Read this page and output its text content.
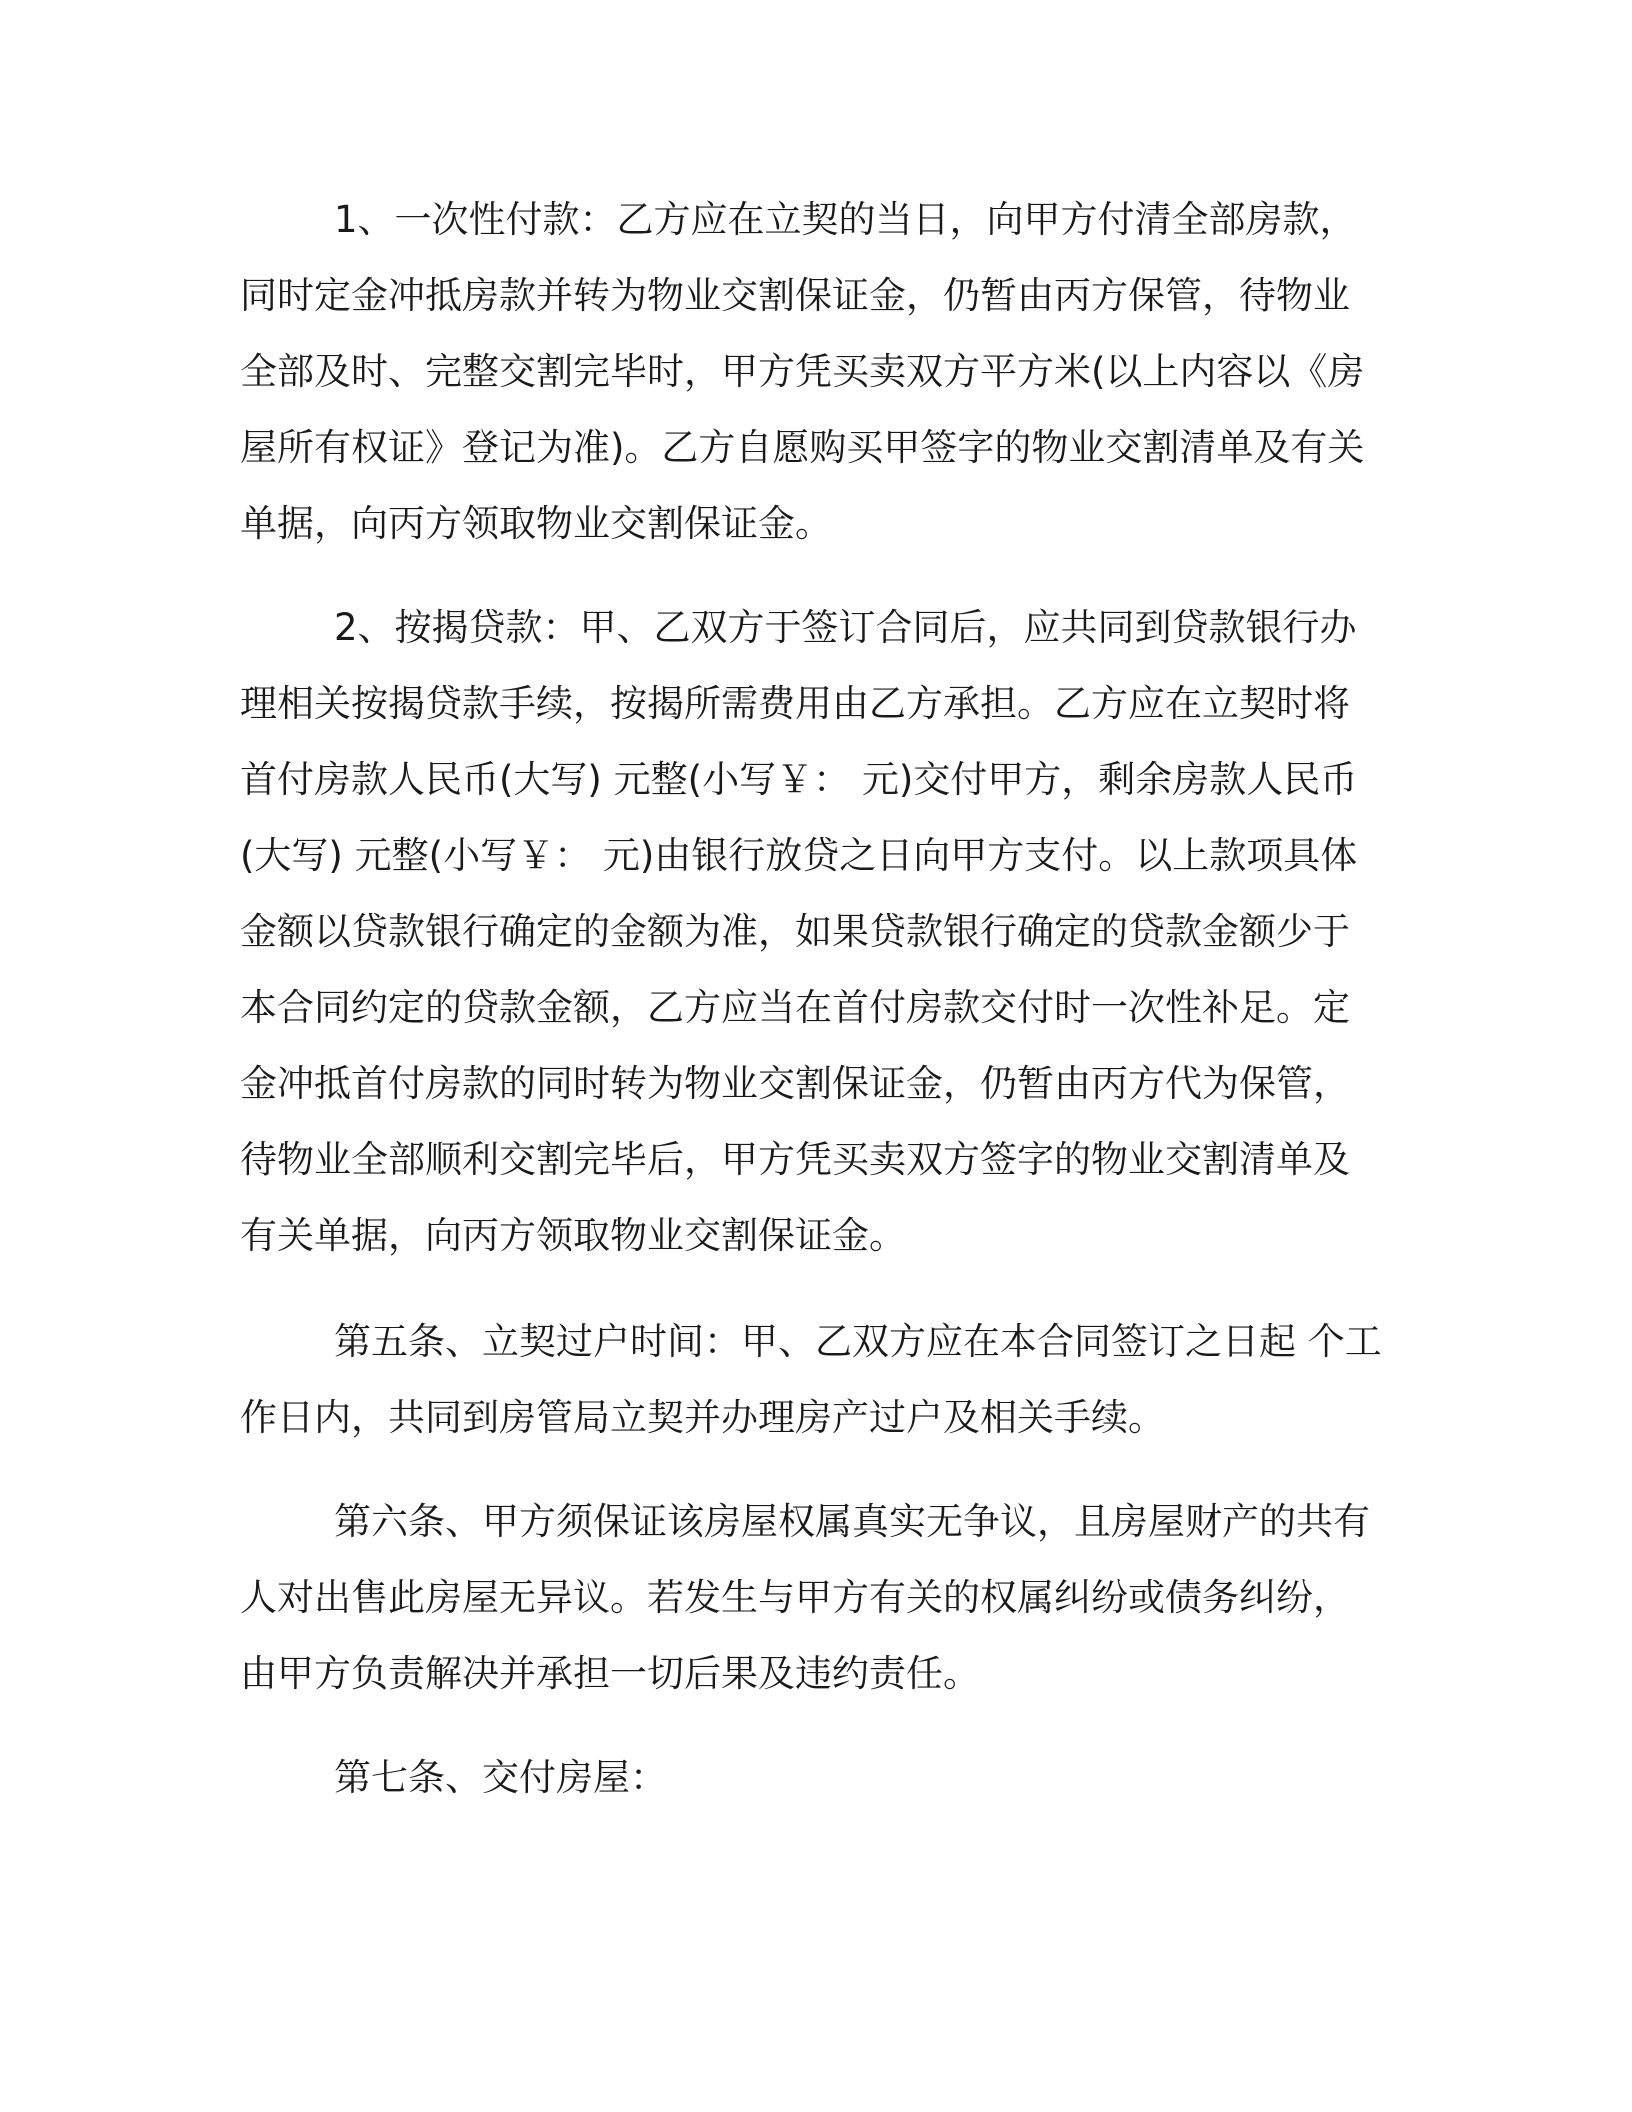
1、一次性付款：乙方应在立契的当日，向甲方付清全部房款，

同时定金冲抵房款并转为物业交割保证金，仍暂由丙方保管，待物业

全部及时、完整交割完毕时，甲方凭买卖双方平方米(以上内容以《房

屋所有权证》登记为准)。乙方自愿购买甲签字的物业交割清单及有关

单据，向丙方领取物业交割保证金。

2、按揭贷款：甲、乙双方于签订合同后，应共同到贷款银行办

理相关按揭贷款手续，按揭所需费用由乙方承担。乙方应在立契时将

首付房款人民币(大写) 元整(小写￥： 元)交付甲方，剩余房款人民币

(大写) 元整(小写￥： 元)由银行放贷之日向甲方支付。以上款项具体

金额以贷款银行确定的金额为准，如果贷款银行确定的贷款金额少于

本合同约定的贷款金额，乙方应当在首付房款交付时一次性补足。定

金冲抵首付房款的同时转为物业交割保证金，仍暂由丙方代为保管，

待物业全部顺利交割完毕后，甲方凭买卖双方签字的物业交割清单及

有关单据，向丙方领取物业交割保证金。

第五条、立契过户时间：甲、乙双方应在本合同签订之日起 个工

作日内，共同到房管局立契并办理房产过户及相关手续。

第六条、甲方须保证该房屋权属真实无争议，且房屋财产的共有

人对出售此房屋无异议。若发生与甲方有关的权属纠纷或债务纠纷，

由甲方负责解决并承担一切后果及违约责任。

第七条、交付房屋：
